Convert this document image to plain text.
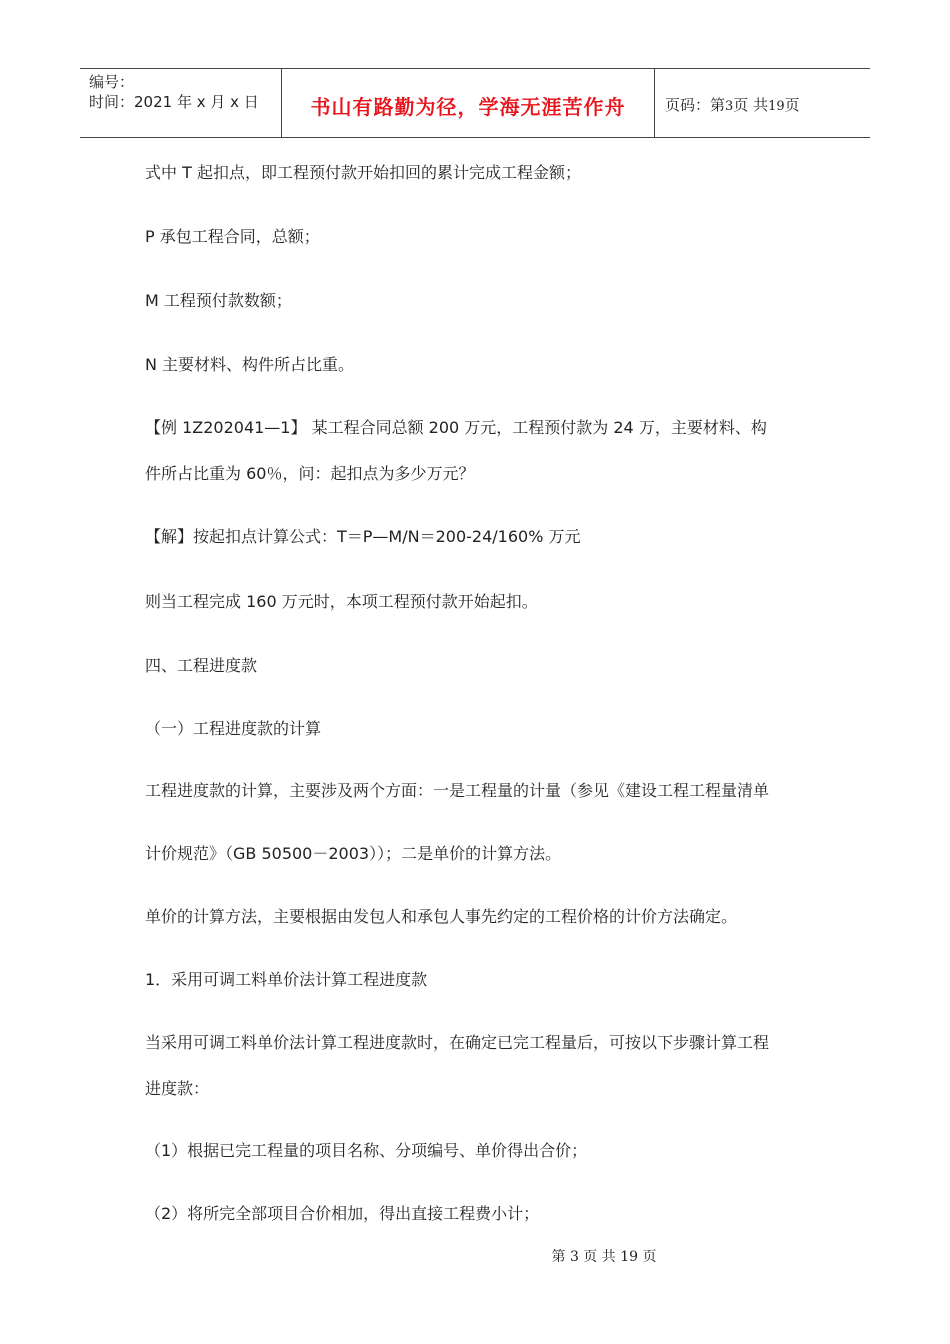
编号：
时间：2021 年 x 月 x 日	书山有路勤为径，学海无涯苦作舟	页码：第3页 共19页
式中 T 起扣点，即工程预付款开始扣回的累计完成工程金额；
P 承包工程合同，总额；
M 工程预付款数额；
N 主要材料、构件所占比重。
【例 1Z202041—1】 某工程合同总额 200 万元，工程预付款为 24 万，主要材料、构
件所占比重为 60％，问：起扣点为多少万元？
【解】按起扣点计算公式：T＝P—M/N＝200-24/160% 万元
则当工程完成 160 万元时，本项工程预付款开始起扣。
四、工程进度款
（一）工程进度款的计算
工程进度款的计算，主要涉及两个方面：一是工程量的计量（参见《建设工程工程量清单
计价规范》（GB 50500－2003））；二是单价的计算方法。
单价的计算方法，主要根据由发包人和承包人事先约定的工程价格的计价方法确定。
1．采用可调工料单价法计算工程进度款
当采用可调工料单价法计算工程进度款时，在确定已完工程量后，可按以下步骤计算工程
进度款：
（1）根据已完工程量的项目名称、分项编号、单价得出合价；
（2）将所完全部项目合价相加，得出直接工程费小计；
第 3 页 共 19 页
